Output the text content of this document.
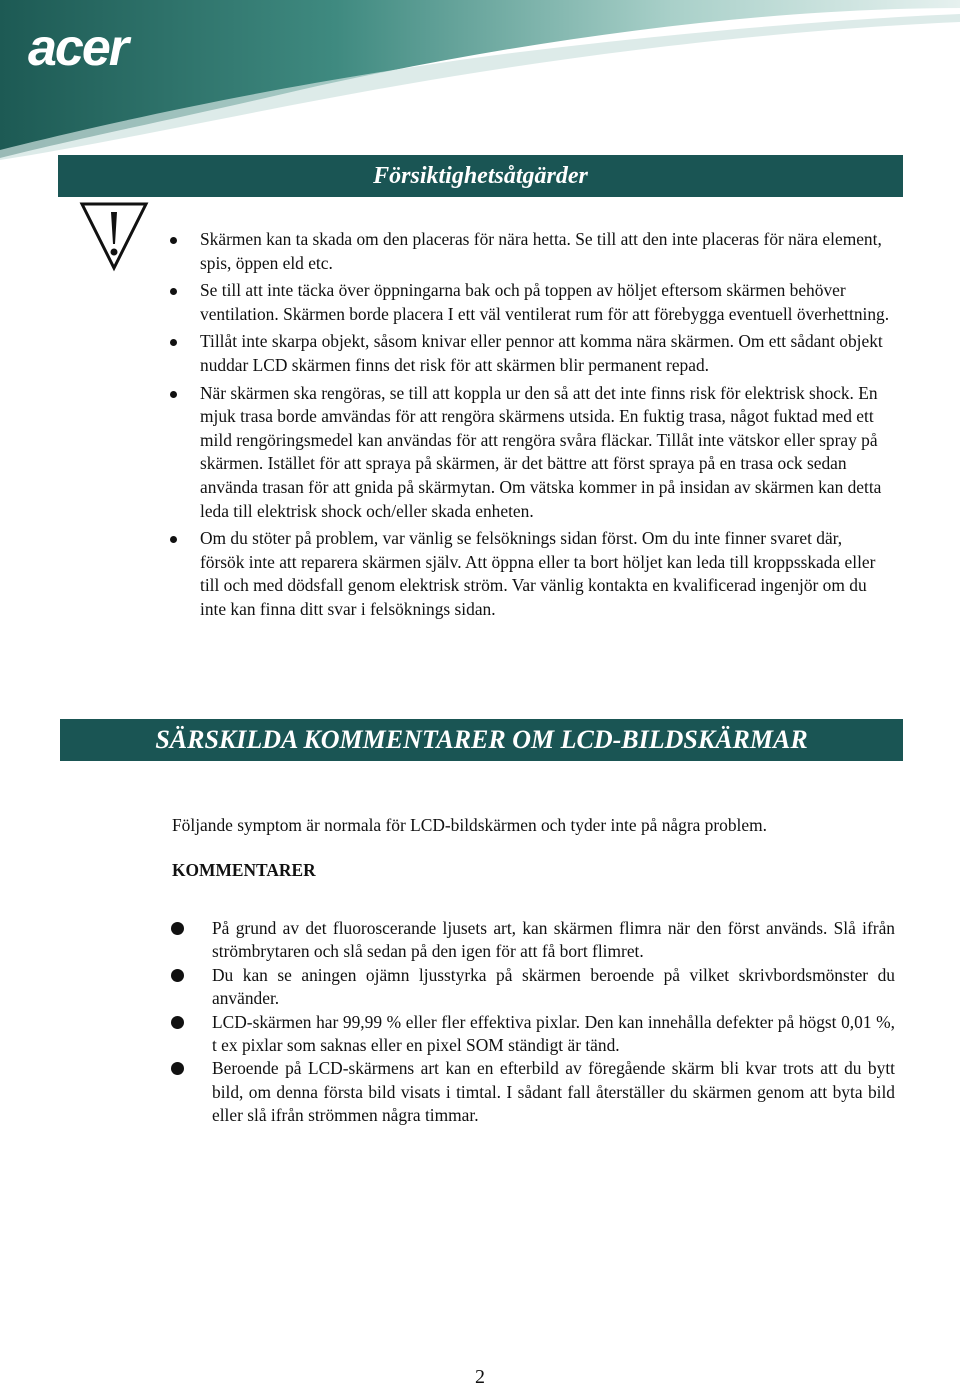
acer
Försiktighetsåtgärder
Skärmen kan ta skada om den placeras för nära hetta. Se till att den inte placeras för nära element, spis, öppen eld etc.
Se till att inte täcka över öppningarna bak och på toppen av höljet eftersom skärmen behöver ventilation. Skärmen borde placera I ett väl ventilerat rum för att förebygga eventuell överhettning.
Tillåt inte skarpa objekt, såsom knivar eller pennor att komma nära skärmen. Om ett sådant objekt nuddar LCD skärmen finns det risk för att skärmen blir permanent repad.
När skärmen ska rengöras, se till att koppla ur den så att det inte finns risk för elektrisk shock. En mjuk trasa borde amvändas för att rengöra skärmens utsida. En fuktig trasa, något fuktad med ett mild rengöringsmedel kan användas för att rengöra svåra fläckar. Tillåt inte vätskor eller spray på skärmen. Istället för att spraya på skärmen, är det bättre att först spraya på en trasa ock sedan använda trasan för att gnida på skärmytan. Om vätska kommer in på insidan av skärmen kan detta leda till elektrisk shock och/eller skada enheten.
Om du stöter på problem, var vänlig se felsöknings sidan först. Om du inte finner svaret där, försök inte att reparera skärmen själv. Att öppna eller ta bort höljet kan leda till kroppsskada eller till och med dödsfall genom elektrisk ström. Var vänlig kontakta en kvalificerad ingenjör om du inte kan finna ditt svar i felsöknings sidan.
SÄRSKILDA KOMMENTARER OM LCD-BILDSKÄRMAR
Följande symptom är normala för LCD-bildskärmen och tyder inte på några problem.
KOMMENTARER
På grund av det fluoroscerande ljusets art, kan skärmen flimra när den först används. Slå ifrån strömbrytaren och slå sedan på den igen för att få bort flimret.
Du kan se aningen ojämn ljusstyrka på skärmen beroende på vilket skrivbordsmönster du använder.
LCD-skärmen har 99,99 % eller fler effektiva pixlar. Den kan innehålla defekter på högst 0,01 %, t ex pixlar som saknas eller en pixel SOM ständigt är tänd.
Beroende på LCD-skärmens art kan en efterbild av föregående skärm bli kvar trots att du bytt bild, om denna första bild visats i timtal. I sådant fall återställer du skärmen genom att byta bild eller slå ifrån strömmen några timmar.
2
